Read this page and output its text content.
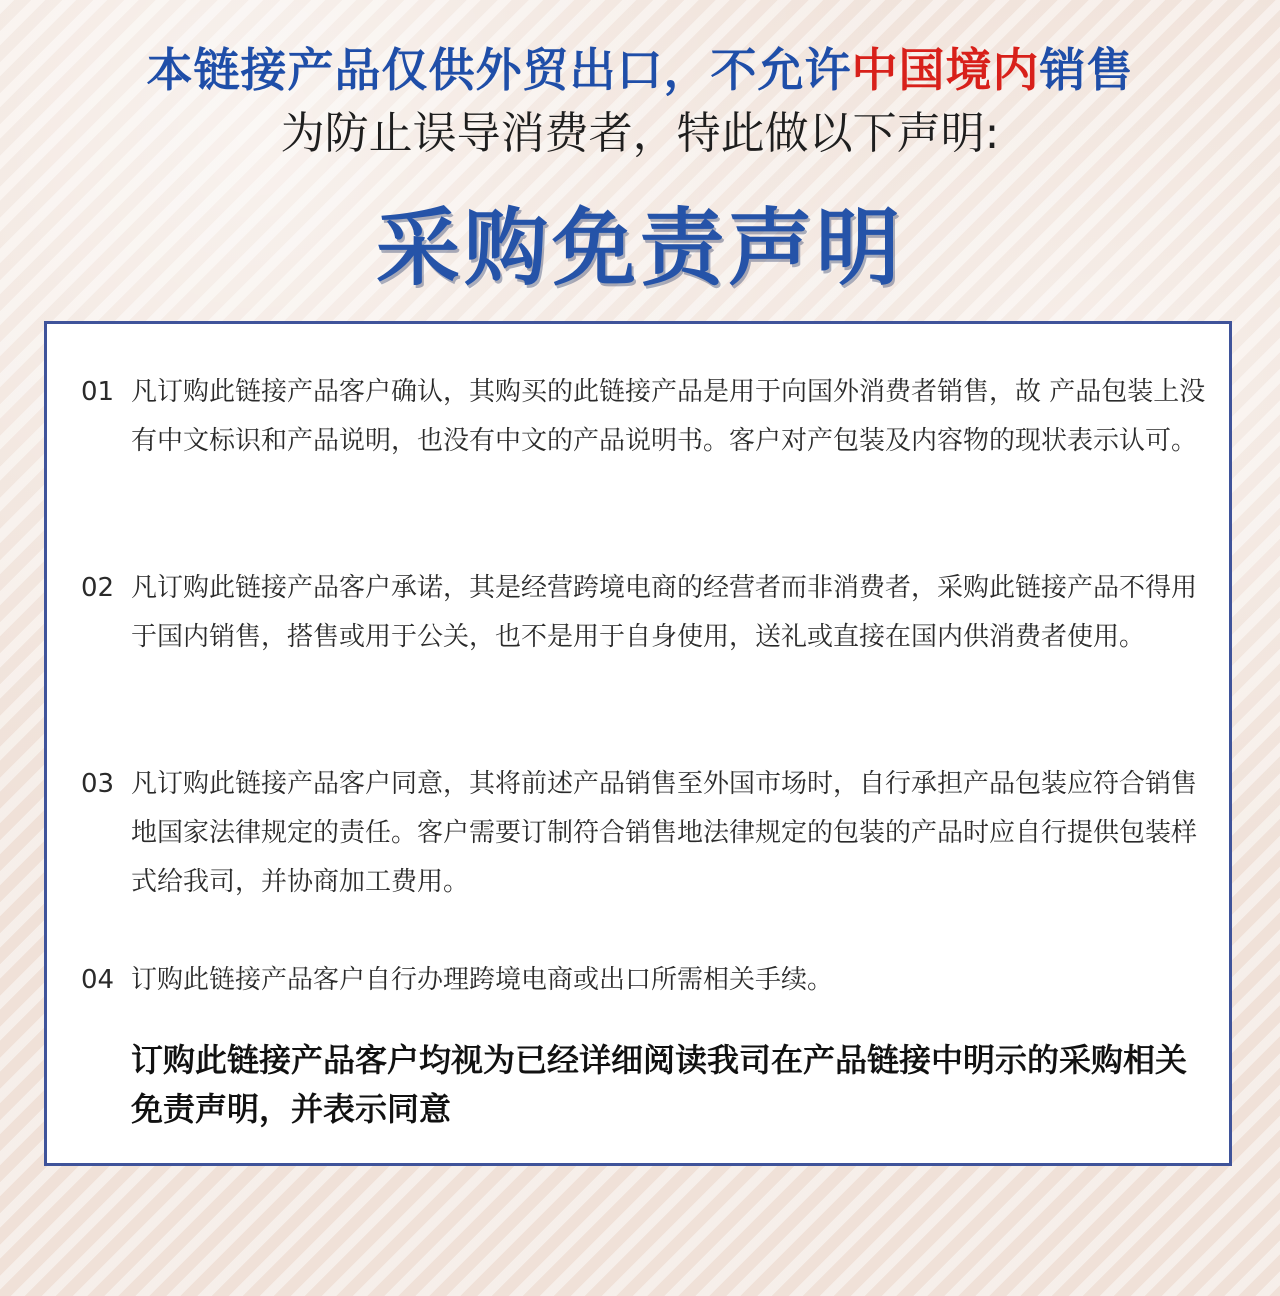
本链接产品仅供外贸出口，不允许中国境内销售
为防止误导消费者，特此做以下声明:
采购免责声明
01 凡订购此链接产品客户确认，其购买的此链接产品是用于向国外消费者销售，故 产品包装上没有中文标识和产品说明，也没有中文的产品说明书。客户对产包装及内容物的现状表示认可。
02 凡订购此链接产品客户承诺，其是经营跨境电商的经营者而非消费者，采购此链接产品不得用于国内销售，搭售或用于公关，也不是用于自身使用，送礼或直接在国内供消费者使用。
03 凡订购此链接产品客户同意，其将前述产品销售至外国市场时，自行承担产品包装应符合销售地国家法律规定的责任。客户需要订制符合销售地法律规定的包装的产品时应自行提供包装样式给我司，并协商加工费用。
04 订购此链接产品客户自行办理跨境电商或出口所需相关手续。
订购此链接产品客户均视为已经详细阅读我司在产品链接中明示的采购相关免责声明，并表示同意
